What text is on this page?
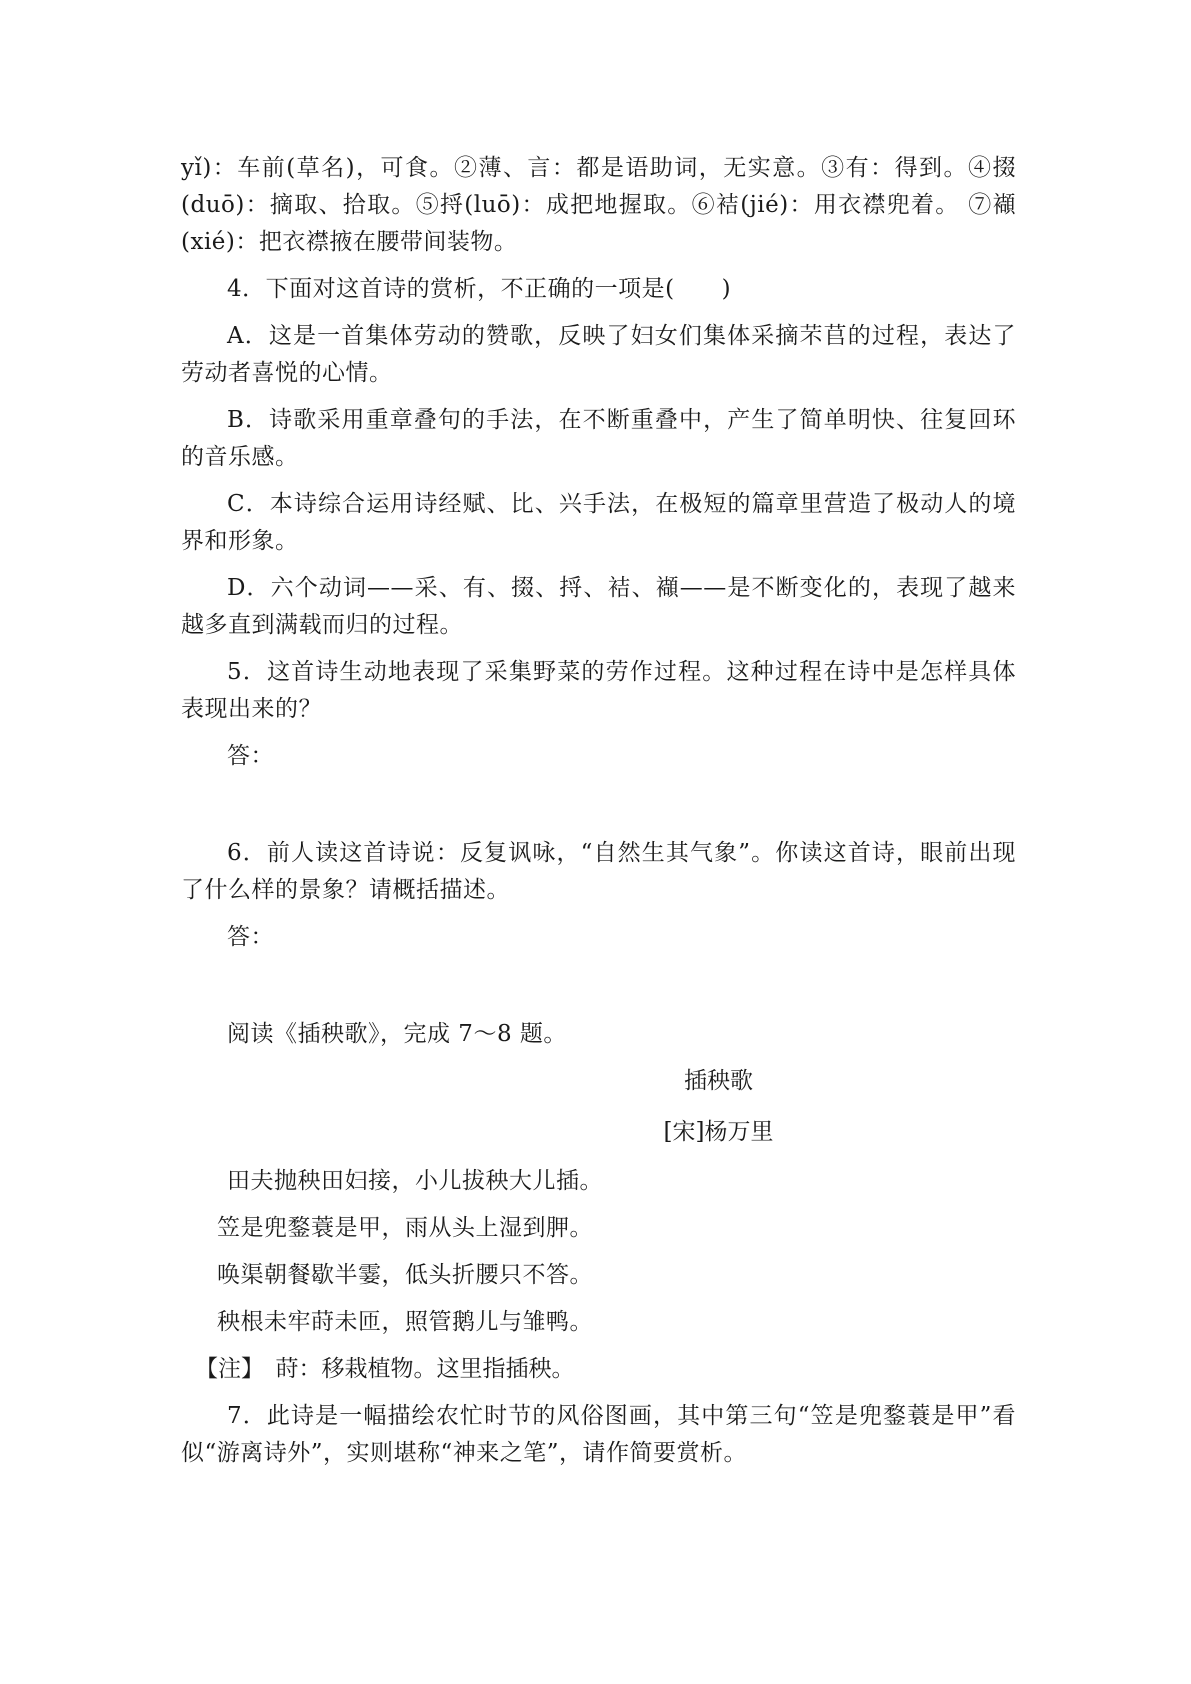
yǐ)：车前(草名)，可食。②薄、言：都是语助词，无实意。③有：得到。④掇(duō)：摘取、拾取。⑤捋(luō)：成把地握取。⑥袺(jié)：用衣襟兜着。 ⑦襭(xié)：把衣襟掖在腰带间装物。

4．下面对这首诗的赏析，不正确的一项是(　　)

A．这是一首集体劳动的赞歌，反映了妇女们集体采摘芣苢的过程，表达了劳动者喜悦的心情。

B．诗歌采用重章叠句的手法，在不断重叠中，产生了简单明快、往复回环的音乐感。

C．本诗综合运用诗经赋、比、兴手法，在极短的篇章里营造了极动人的境界和形象。

D．六个动词——采、有、掇、捋、袺、襭——是不断变化的，表现了越来越多直到满载而归的过程。

5．这首诗生动地表现了采集野菜的劳作过程。这种过程在诗中是怎样具体表现出来的？

答：

6．前人读这首诗说：反复讽咏，“自然生其气象”。你读这首诗，眼前出现了什么样的景象？请概括描述。

答：

阅读《插秧歌》，完成 7～8 题。

插秧歌

[宋]杨万里

田夫抛秧田妇接，小儿拔秧大儿插。

笠是兜鍪蓑是甲，雨从头上湿到胛。

唤渠朝餐歇半霎，低头折腰只不答。

秧根未牢莳未匝，照管鹅儿与雏鸭。

【注】　莳：移栽植物。这里指插秧。

7．此诗是一幅描绘农忙时节的风俗图画，其中第三句“笠是兜鍪蓑是甲”看似“游离诗外”，实则堪称“神来之笔”，请作简要赏析。
